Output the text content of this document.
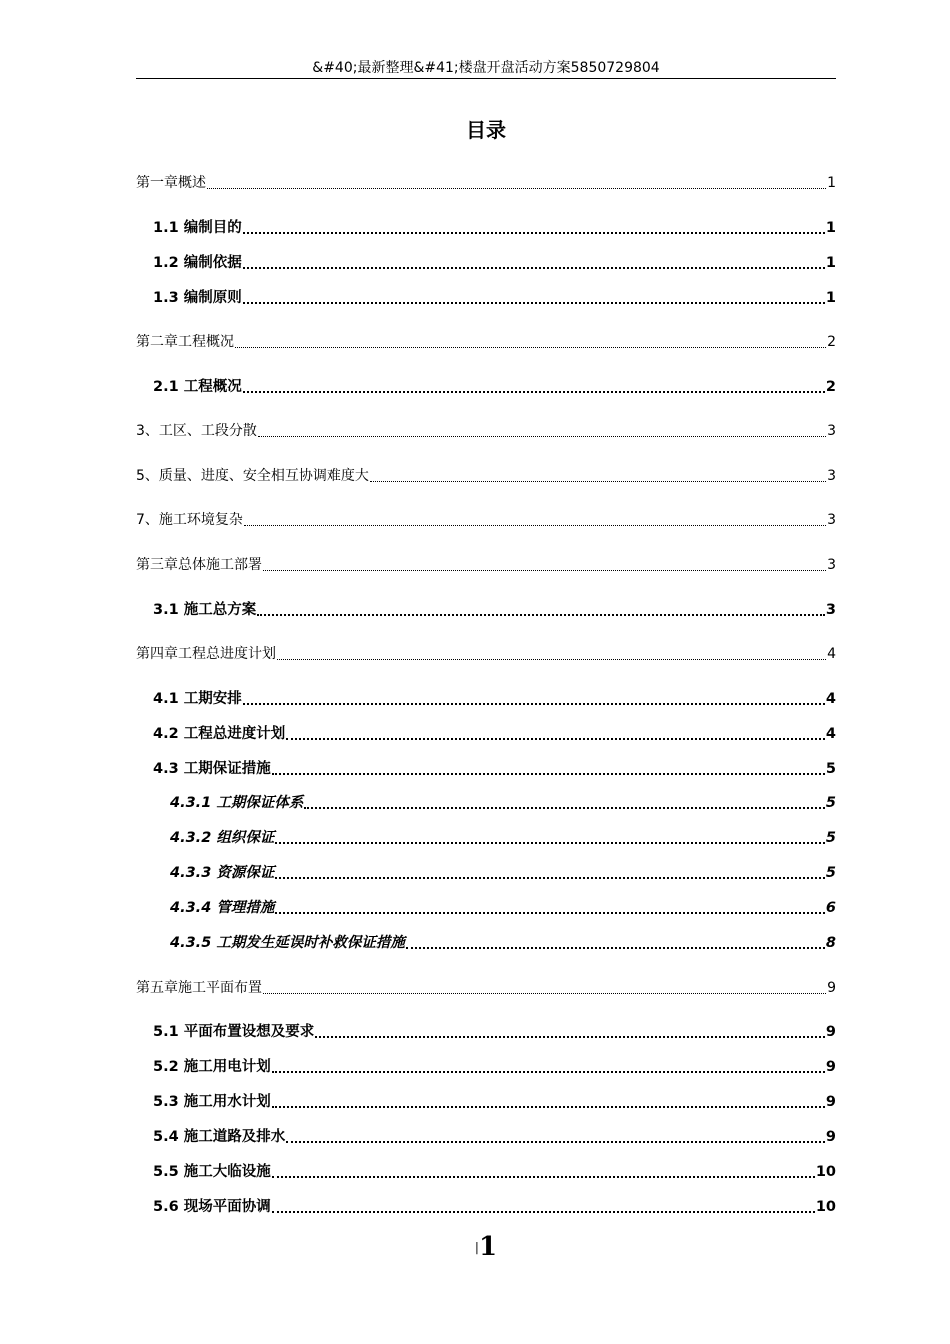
&#40;最新整理&#41;楼盘开盘活动方案5850729804
目录
第一章概述	1
1.1 编制目的	1
1.2 编制依据	1
1.3 编制原则	1
第二章工程概况	2
2.1 工程概况	2
3、工区、工段分散	3
5、质量、进度、安全相互协调难度大	3
7、施工环境复杂	3
第三章总体施工部署	3
3.1 施工总方案	3
第四章工程总进度计划	4
4.1 工期安排	4
4.2 工程总进度计划	4
4.3 工期保证措施	5
4.3.1 工期保证体系	5
4.3.2 组织保证	5
4.3.3 资源保证	5
4.3.4 管理措施	6
4.3.5 工期发生延误时补救保证措施	8
第五章施工平面布置	9
5.1 平面布置设想及要求	9
5.2 施工用电计划	9
5.3 施工用水计划	9
5.4 施工道路及排水	9
5.5 施工大临设施	10
5.6 现场平面协调	10
|1
